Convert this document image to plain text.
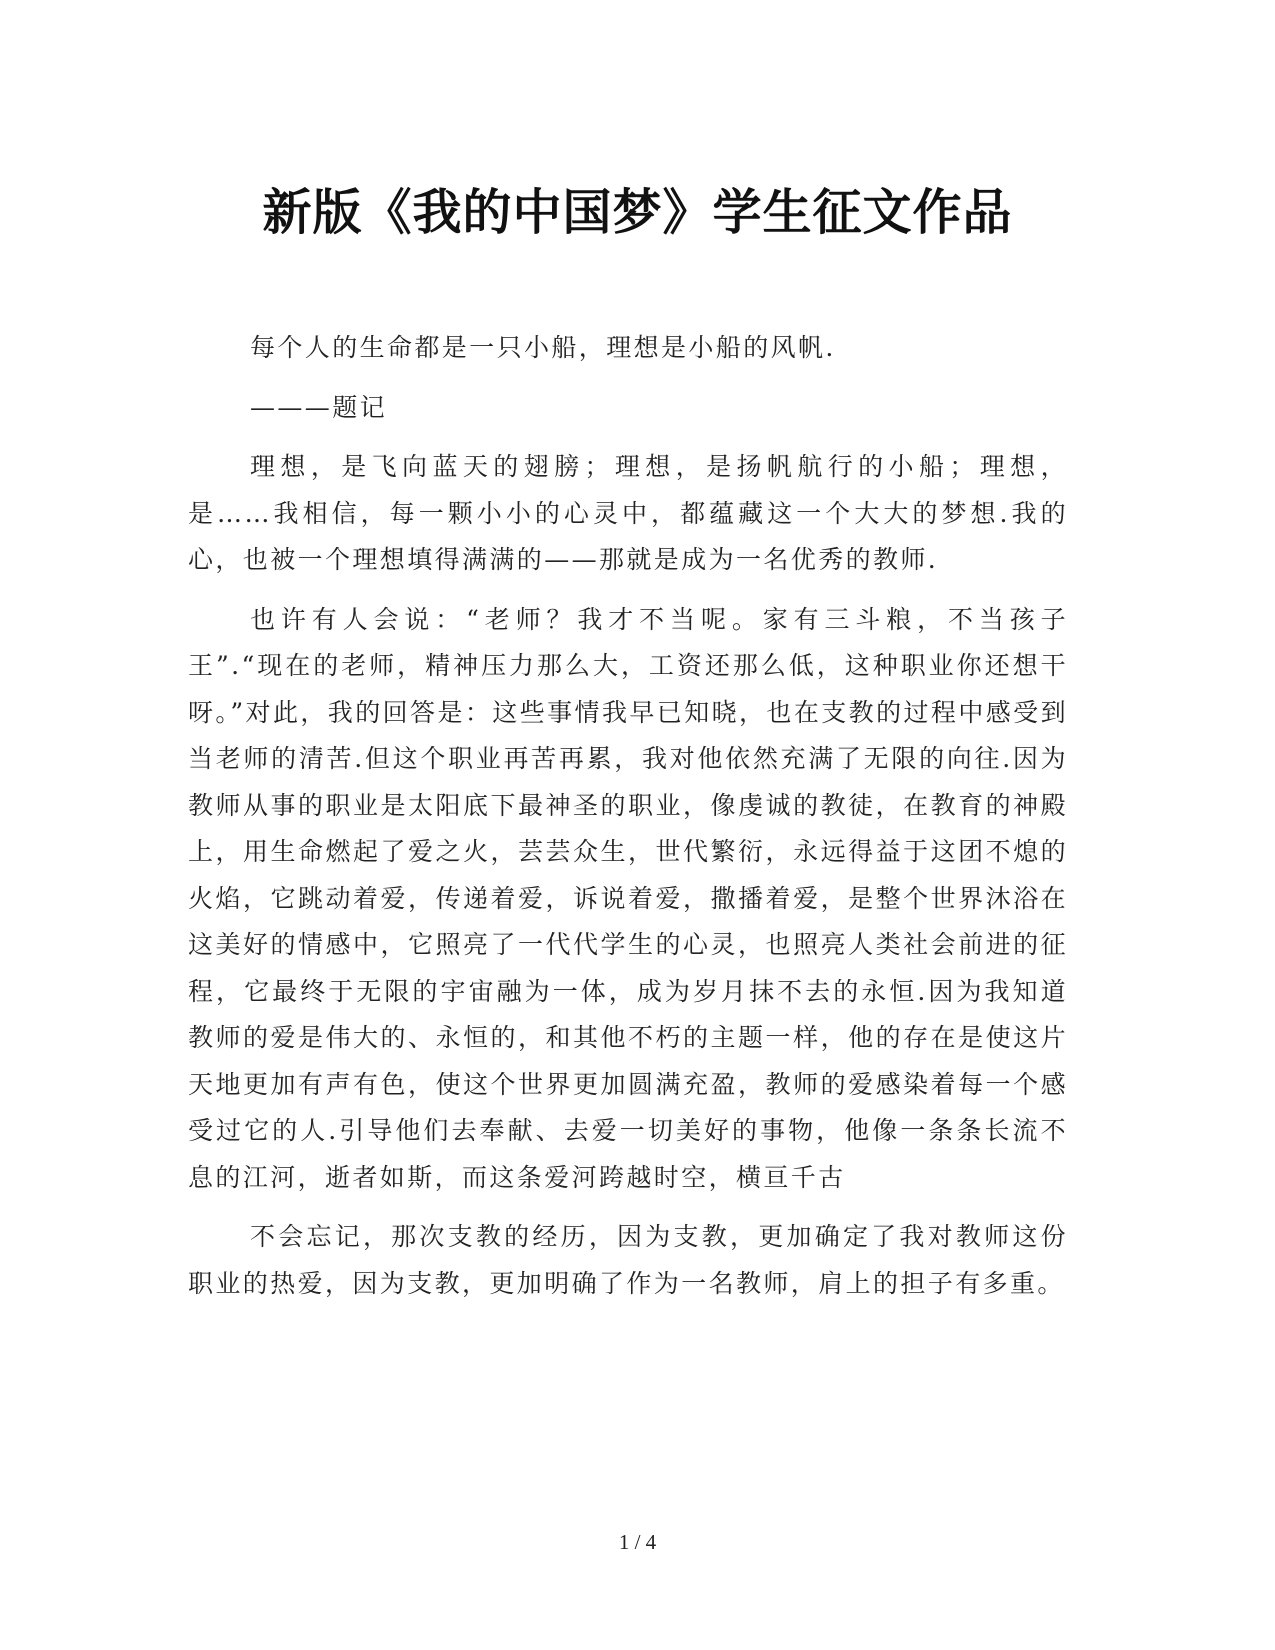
新版《我的中国梦》学生征文作品

每个人的生命都是一只小船，理想是小船的风帆.

———题记

理想，是飞向蓝天的翅膀；理想，是扬帆航行的小船；理想，是……我相信，每一颗小小的心灵中，都蕴藏这一个大大的梦想.我的心，也被一个理想填得满满的——那就是成为一名优秀的教师.

也许有人会说：“老师？我才不当呢。家有三斗粮，不当孩子王”.“现在的老师，精神压力那么大，工资还那么低，这种职业你还想干呀。”对此，我的回答是：这些事情我早已知晓，也在支教的过程中感受到当老师的清苦.但这个职业再苦再累，我对他依然充满了无限的向往.因为教师从事的职业是太阳底下最神圣的职业，像虔诚的教徒，在教育的神殿上，用生命燃起了爱之火，芸芸众生，世代繁衍，永远得益于这团不熄的火焰，它跳动着爱，传递着爱，诉说着爱，撒播着爱，是整个世界沐浴在这美好的情感中，它照亮了一代代学生的心灵，也照亮人类社会前进的征程，它最终于无限的宇宙融为一体，成为岁月抹不去的永恒.因为我知道教师的爱是伟大的、永恒的，和其他不朽的主题一样，他的存在是使这片天地更加有声有色，使这个世界更加圆满充盈，教师的爱感染着每一个感受过它的人.引导他们去奉献、去爱一切美好的事物，他像一条条长流不息的江河，逝者如斯，而这条爱河跨越时空，横亘千古

不会忘记，那次支教的经历，因为支教，更加确定了我对教师这份职业的热爱，因为支教，更加明确了作为一名教师，肩上的担子有多重。

1 / 4
